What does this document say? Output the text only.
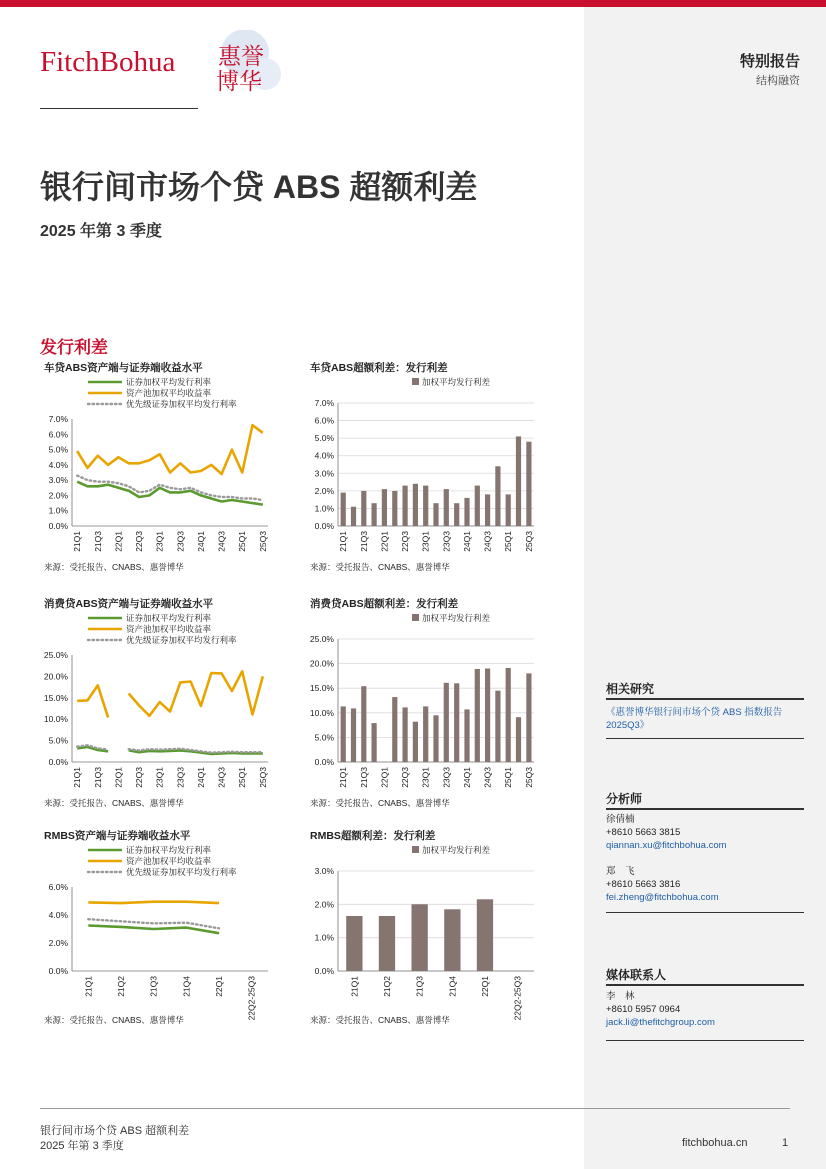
FitchBohua 惠誉
博华
特别报告
结构融资
银行间市场个贷 ABS 超额利差
2025 年第 3 季度
发行利差
车贷ABS资产端与证券端收益水平
证券加权平均发行利率
资产池加权平均收益率
优先级证券加权平均发行利率
0.0%
1.0%
2.0%
3.0%
4.0%
5.0%
6.0%
7.0%
21Q1 21Q3 22Q1 22Q3 23Q1 23Q3 24Q1 24Q3 25Q1 25Q3
来源：受托报告、CNABS、惠誉博华
车贷ABS超额利差：发行利差
加权平均发行利差
0.0%
1.0%
2.0%
3.0%
4.0%
5.0%
6.0%
7.0%
21Q1 21Q3 22Q1 22Q3 23Q1 23Q3 24Q1 24Q3 25Q1 25Q3
来源：受托报告、CNABS、惠誉博华
消费贷ABS资产端与证券端收益水平
证券加权平均发行利率
资产池加权平均收益率
优先级证券加权平均发行利率
0.0%
5.0%
10.0%
15.0%
20.0%
25.0%
21Q1 21Q3 22Q1 22Q3 23Q1 23Q3 24Q1 24Q3 25Q1 25Q3
来源：受托报告、CNABS、惠誉博华
消费贷ABS超额利差：发行利差
加权平均发行利差
0.0%
5.0%
10.0%
15.0%
20.0%
25.0%
21Q1 21Q3 22Q1 22Q3 23Q1 23Q3 24Q1 24Q3 25Q1 25Q3
来源：受托报告、CNABS、惠誉博华
RMBS资产端与证券端收益水平
证券加权平均发行利率
资产池加权平均收益率
优先级证券加权平均发行利率
0.0%
2.0%
4.0%
6.0%
21Q1	21Q2	21Q3	21Q4	22Q1	22Q2-25Q3
来源：受托报告、CNABS、惠誉博华
RMBS超额利差：发行利差
加权平均发行利差
0.0%
1.0%
2.0%
3.0%
21Q1	21Q2	21Q3	21Q4	22Q1	22Q2-25Q3
来源：受托报告、CNABS、惠誉博华
相关研究
《惠誉博华银行间市场个贷 ABS 指数报告 2025Q3》
分析师
徐倩楠
+8610 5663 3815
qiannan.xu@fitchbohua.com
郑　飞
+8610 5663 3816
fei.zheng@fitchbohua.com
媒体联系人
李　林
+8610 5957 0964
jack.li@thefitchgroup.com
银行间市场个贷 ABS 超额利差
2025 年第 3 季度	fitchbohua.cn	1
